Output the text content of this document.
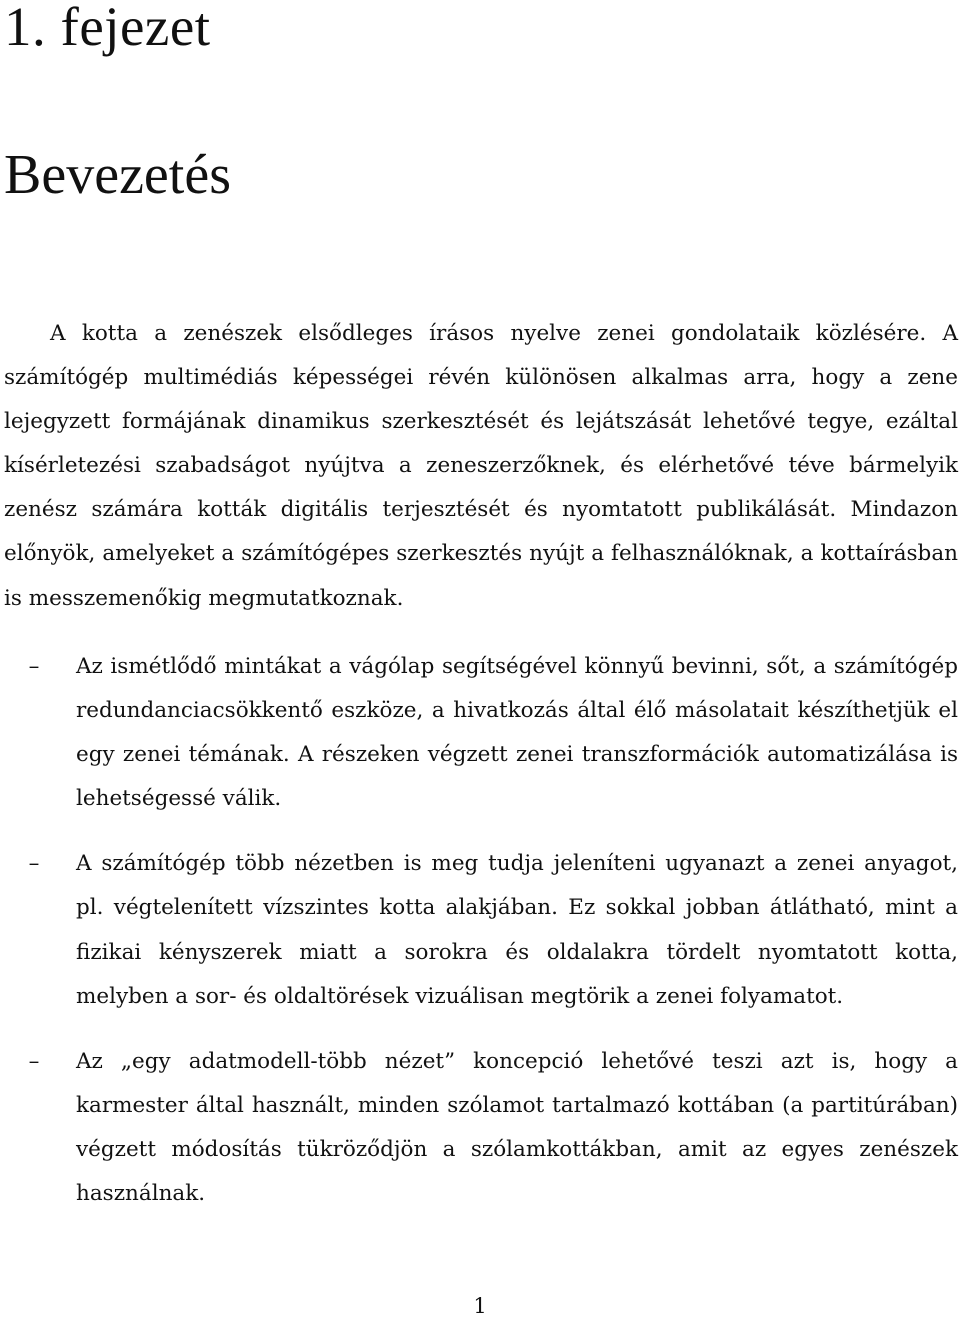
1. fejezet
Bevezetés

A kotta a zenészek elsődleges írásos nyelve zenei gondolataik közlésére. A számítógép multimédiás képességei révén különösen alkalmas arra, hogy a zene lejegyzett formájának dinamikus szerkesztését és lejátszását lehetővé tegye, ezáltal kísérletezési szabadságot nyújtva a zeneszerzőknek, és elérhetővé téve bármelyik zenész számára kották digitális terjesztését és nyomtatott publikálását. Mindazon előnyök, amelyeket a számítógépes szerkesztés nyújt a felhasználóknak, a kottaírásban is messzemenőkig megmutatkoznak.

–	Az ismétlődő mintákat a vágólap segítségével könnyű bevinni, sőt, a számítógép redundanciacsökkentő eszköze, a hivatkozás által élő másolatait készíthetjük el egy zenei témának. A részeken végzett zenei transzformációk automatizálása is lehetségessé válik.
–	A számítógép több nézetben is meg tudja jeleníteni ugyanazt a zenei anyagot, pl. végtelenített vízszintes kotta alakjában. Ez sokkal jobban átlátható, mint a fizikai kényszerek miatt a sorokra és oldalakra tördelt nyomtatott kotta, melyben a sor- és oldaltörések vizuálisan megtörik a zenei folyamatot.
–	Az „egy adatmodell-több nézet” koncepció lehetővé teszi azt is, hogy a karmester által használt, minden szólamot tartalmazó kottában (a partitúrában) végzett módosítás tükröződjön a szólamkottákban, amit az egyes zenészek használnak.
1
